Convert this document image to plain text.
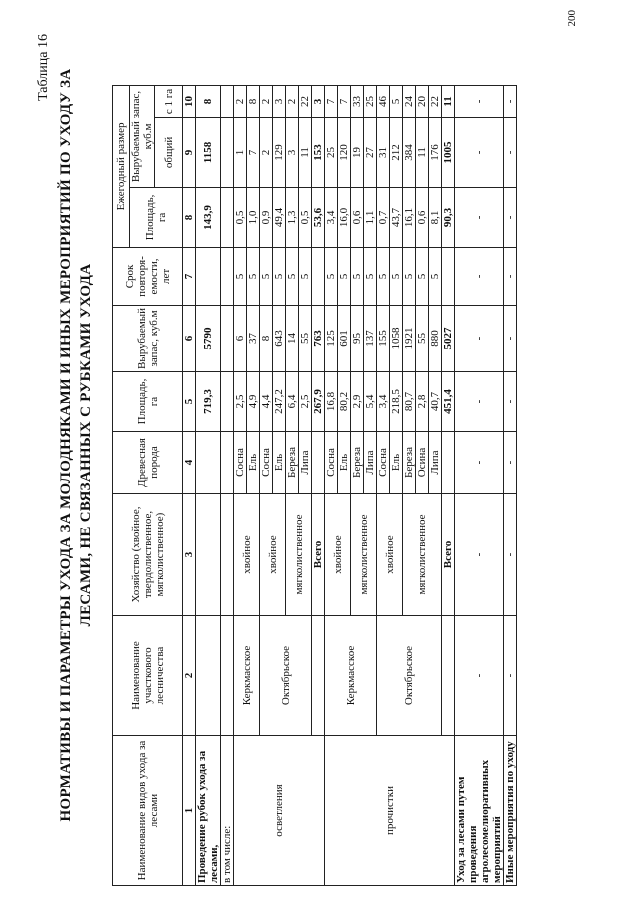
Таблица 16
НОРМАТИВЫ И ПАРАМЕТРЫ УХОДА ЗА МОЛОДНЯКАМИ И ИНЫХ МЕРОПРИЯТИЙ ПО УХОДУ ЗА ЛЕСАМИ, НЕ СВЯЗАННЫХ С РУБКАМИ УХОДА
Наименование видов ухода за лесами	Наименование участкового лесничества	Хозяйство (хвойное, твердолиственное, мягколиственное)	Древесная порода	Площадь, га	Вырубаемый запас, куб.м	Срок повторя-емости, лет	Ежегодный размер		
							Площадь, га	Вырубаемый запас, куб.м	
								общий	с 1 га
1	2	3	4	5	6	7	8	9	10
Проведение рубок ухода за лесами,				719,3	5790		143,9	1158	8
в том числе:									
осветления	Керкмасское	хвойное	Сосна	2,5	6	5	0,5	1	2
			Ель	4,9	37	5	1,0	7	8
	Октябрьское	хвойное	Сосна	4,4	8	5	0,9	2	2
			Ель	247,2	643	5	49,4	129	3
		мягколиственное	Береза	6,4	14	5	1,3	3	2
			Липа	2,5	55	5	0,5	11	22
		Всего		267,9	763		53,6	153	3
прочистки	Керкмасское	хвойное	Сосна	16,8	125	5	3,4	25	7
			Ель	80,2	601	5	16,0	120	7
		мягколиственное	Береза	2,9	95	5	0,6	19	33
			Липа	5,4	137	5	1,1	27	25
	Октябрьское	хвойное	Сосна	3,4	155	5	0,7	31	46
			Ель	218,5	1058	5	43,7	212	5
		мягколиственное	Береза	80,7	1921	5	16,1	384	24
			Осина	2,8	55	5	0,6	11	20
			Липа	40,7	880	5	8,1	176	22
		Всего		451,4	5027		90,3	1005	11
Уход за лесами путем проведения агролесомелиоративных мероприятий	-	-	-	-	-	-	-	-	-
Иные мероприятия по уходу	-	-	-	-	-	-	-	-	-
200
